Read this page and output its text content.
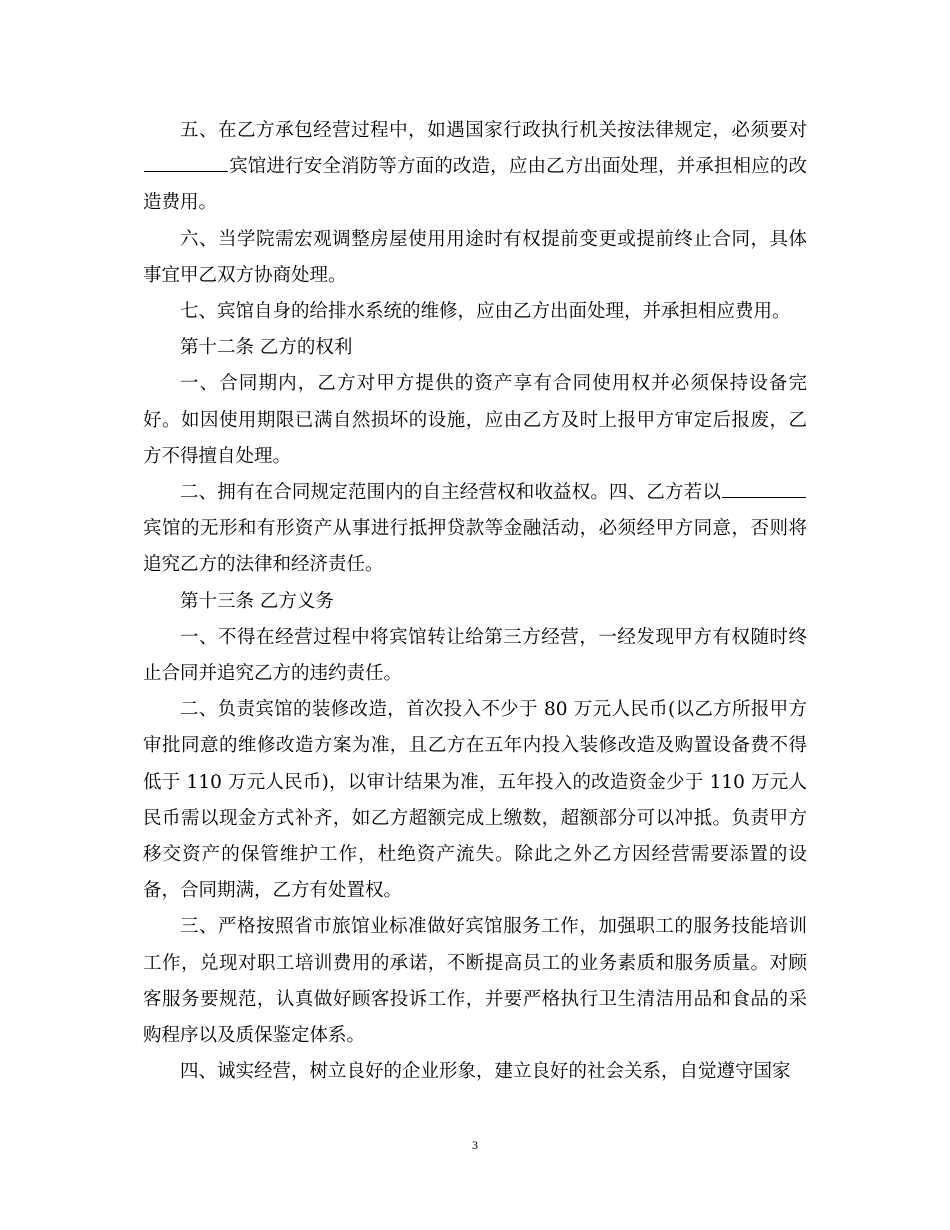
五、在乙方承包经营过程中，如遇国家行政执行机关按法律规定，必须要对宾馆进行安全消防等方面的改造，应由乙方出面处理，并承担相应的改造费用。

六、当学院需宏观调整房屋使用用途时有权提前变更或提前终止合同，具体事宜甲乙双方协商处理。

七、宾馆自身的给排水系统的维修，应由乙方出面处理，并承担相应费用。

第十二条 乙方的权利

一、合同期内，乙方对甲方提供的资产享有合同使用权并必须保持设备完好。如因使用期限已满自然损坏的设施，应由乙方及时上报甲方审定后报废，乙方不得擅自处理。

二、拥有在合同规定范围内的自主经营权和收益权。四、乙方若以宾馆的无形和有形资产从事进行抵押贷款等金融活动，必须经甲方同意，否则将追究乙方的法律和经济责任。

第十三条 乙方义务

一、不得在经营过程中将宾馆转让给第三方经营，一经发现甲方有权随时终止合同并追究乙方的违约责任。

二、负责宾馆的装修改造，首次投入不少于 80 万元人民币(以乙方所报甲方审批同意的维修改造方案为准，且乙方在五年内投入装修改造及购置设备费不得低于 110 万元人民币)，以审计结果为准，五年投入的改造资金少于 110 万元人民币需以现金方式补齐，如乙方超额完成上缴数，超额部分可以冲抵。负责甲方移交资产的保管维护工作，杜绝资产流失。除此之外乙方因经营需要添置的设备，合同期满，乙方有处置权。

三、严格按照省市旅馆业标准做好宾馆服务工作，加强职工的服务技能培训工作，兑现对职工培训费用的承诺，不断提高员工的业务素质和服务质量。对顾客服务要规范，认真做好顾客投诉工作，并要严格执行卫生清洁用品和食品的采购程序以及质保鉴定体系。

四、诚实经营，树立良好的企业形象，建立良好的社会关系，自觉遵守国家

3
